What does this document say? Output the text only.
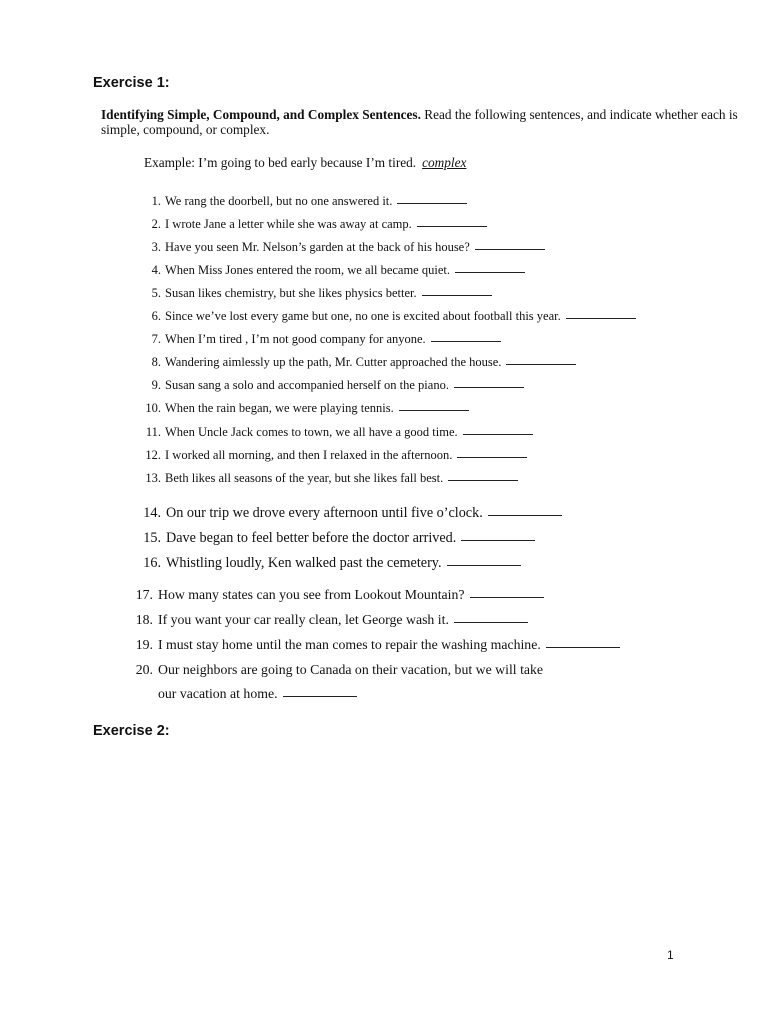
Exercise 1:
Identifying Simple, Compound, and Complex Sentences. Read the following sentences, and indicate whether each is simple, compound, or complex.
Example: I’m going to bed early because I’m tired. complex
1. We rang the doorbell, but no one answered it.
2. I wrote Jane a letter while she was away at camp.
3. Have you seen Mr. Nelson’s garden at the back of his house?
4. When Miss Jones entered the room, we all became quiet.
5. Susan likes chemistry, but she likes physics better.
6. Since we’ve lost every game but one, no one is excited about football this year.
7. When I’m tired , I’m not good company for anyone.
8. Wandering aimlessly up the path, Mr. Cutter approached the house.
9. Susan sang a solo and accompanied herself on the piano.
10. When the rain began, we were playing tennis.
11. When Uncle Jack comes to town, we all have a good time.
12. I worked all morning, and then I relaxed in the afternoon.
13. Beth likes all seasons of the year, but she likes fall best.
14. On our trip we drove every afternoon until five o’clock.
15. Dave began to feel better before the doctor arrived.
16. Whistling loudly, Ken walked past the cemetery.
17. How many states can you see from Lookout Mountain?
18. If you want your car really clean, let George wash it.
19. I must stay home until the man comes to repair the washing machine.
20. Our neighbors are going to Canada on their vacation, but we will take
our vacation at home.
Exercise 2:
1
